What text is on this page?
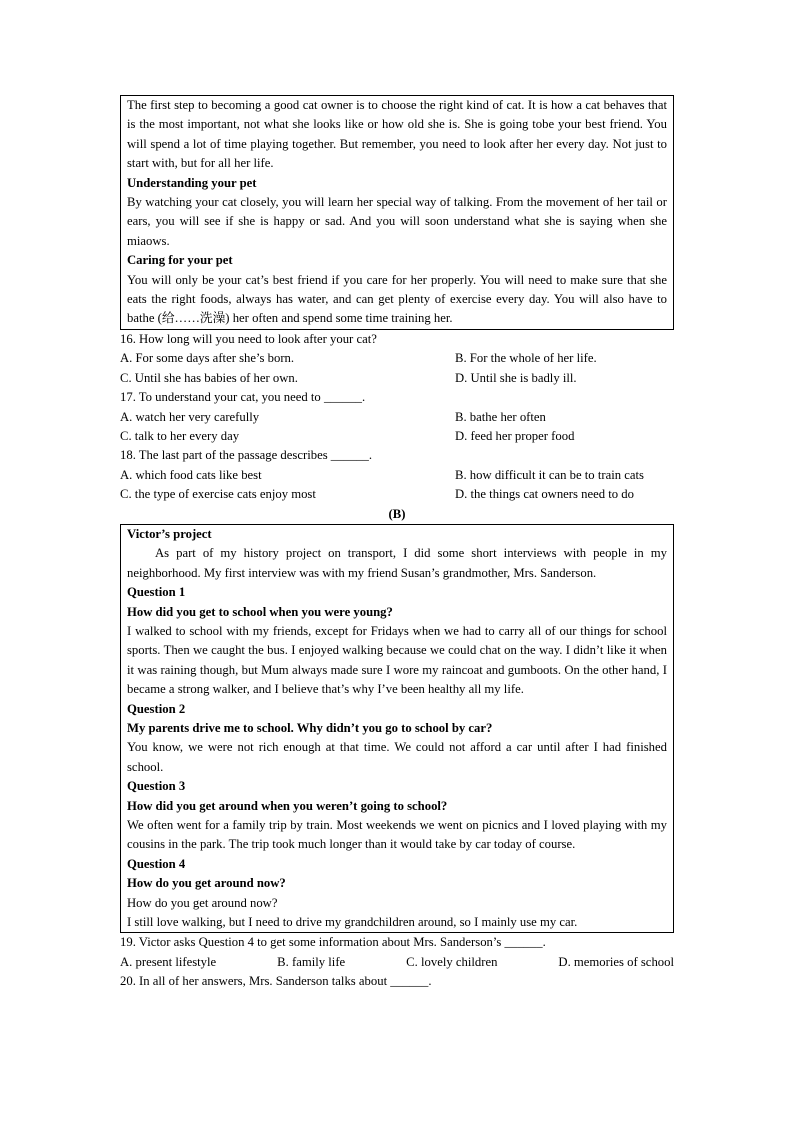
The first step to becoming a good cat owner is to choose the right kind of cat. It is how a cat behaves that is the most important, not what she looks like or how old she is. She is going tobe your best friend. You will spend a lot of time playing together. But remember, you need to look after her every day. Not just to start with, but for all her life.

Understanding your pet

By watching your cat closely, you will learn her special way of talking. From the movement of her tail or ears, you will see if she is happy or sad. And you will soon understand what she is saying when she miaows.

Caring for your pet

You will only be your cat’s best friend if you care for her properly. You will need to make sure that she eats the right foods, always has water, and can get plenty of exercise every day. You will also have to bathe (给……洗澡) her often and spend some time training her.

16. How long will you need to look after your cat?

A. For some days after she’s born.	B. For the whole of her life.
C. Until she has babies of her own.	D. Until she is badly ill.

17. To understand your cat, you need to ______.

A. watch her very carefully	B. bathe her often
C. talk to her every day	D. feed her proper food

18. The last part of the passage describes ______.

A. which food cats like best	B. how difficult it can be to train cats
C. the type of exercise cats enjoy most	D. the things cat owners need to do

(B)

Victor’s project

As part of my history project on transport, I did some short interviews with people in my neighborhood. My first interview was with my friend Susan’s grandmother, Mrs. Sanderson.

Question 1

How did you get to school when you were young?

I walked to school with my friends, except for Fridays when we had to carry all of our things for school sports. Then we caught the bus. I enjoyed walking because we could chat on the way. I didn’t like it when it was raining though, but Mum always made sure I wore my raincoat and gumboots. On the other hand, I became a strong walker, and I believe that’s why I’ve been healthy all my life.

Question 2

My parents drive me to school. Why didn’t you go to school by car?

You know, we were not rich enough at that time. We could not afford a car until after I had finished school.

Question 3

How did you get around when you weren’t going to school?

We often went for a family trip by train. Most weekends we went on picnics and I loved playing with my cousins in the park. The trip took much longer than it would take by car today of course.

Question 4

How do you get around now?

How do you get around now?

I still love walking, but I need to drive my grandchildren around, so I mainly use my car.

19. Victor asks Question 4 to get some information about Mrs. Sanderson’s ______.

A. present lifestyle	B. family life	C. lovely children	D. memories of school

20. In all of her answers, Mrs. Sanderson talks about ______.
